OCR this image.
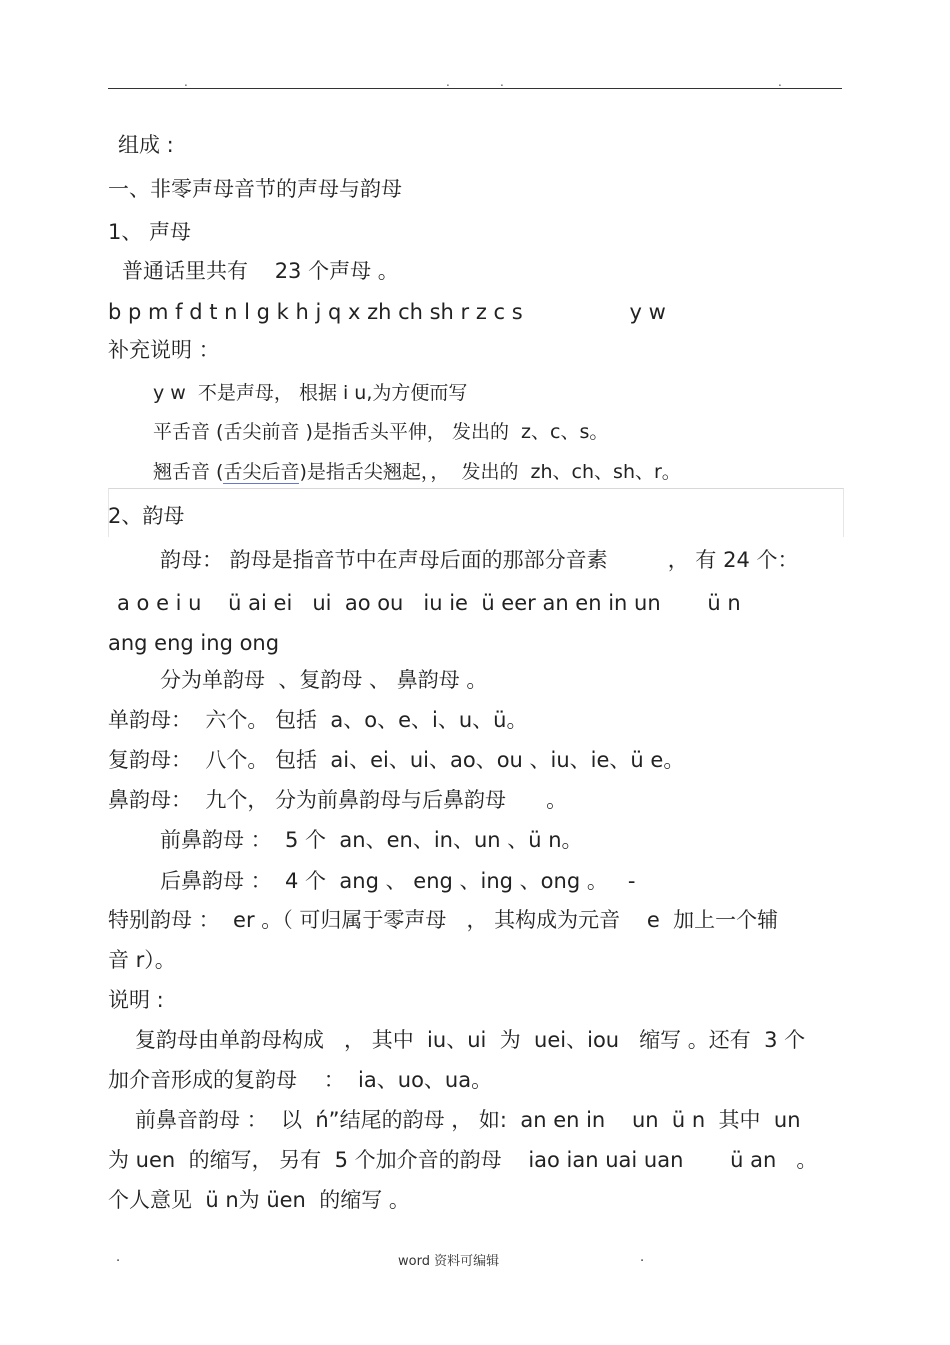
.	.	.	.
组成 :
一、非零声母音节的声母与韵母
1、 声母
普通话里共有    23 个声母 。
b p m f d t n l g k h j q x zh ch sh r z c s                y w
补充说明 ：
y w  不是声母， 根据 i u,为方便而写
平舌音 (舌尖前音 )是指舌头平伸， 发出的  z、c、s。
翘舌音 (舌尖后音)是指舌尖翘起，，  发出的  zh、ch、sh、r。
2、韵母
韵母： 韵母是指音节中在声母后面的那部分音素         ， 有 24 个：
a o e i u    ü ai ei   ui  ao ou   iu ie  ü eer an en in un       ü n
ang eng ing ong
分为单韵母  、复韵母 、 鼻韵母 。
单韵母：  六个。 包括  a、o、e、i、u、ü。
复韵母：  八个。 包括  ai、ei、ui、ao、ou 、iu、ie、ü e。
鼻韵母：  九个， 分为前鼻韵母与后鼻韵母      。
前鼻韵母 ：  5 个  an、en、in、un 、ü n。
后鼻韵母 ：  4 个  ang 、 eng 、ing 、ong 。   -
特别韵母 ：  er 。（ 可归属于零声母   ， 其构成为元音    e  加上一个辅
音 r）。
说明 :
复韵母由单韵母构成   ， 其中  iu、ui  为  uei、iou   缩写 。还有  3 个
加介音形成的复韵母    ：  ia、uo、ua。
前鼻音韵母 ：  以  ń”结尾的韵母 ， 如:  an en in    un  ü n  其中  un
为 uen  的缩写， 另有  5 个加介音的韵母    iao ian uai uan       ü an   。
个人意见  ü n为 üen  的缩写 。
.	word 资料可编辑	.
